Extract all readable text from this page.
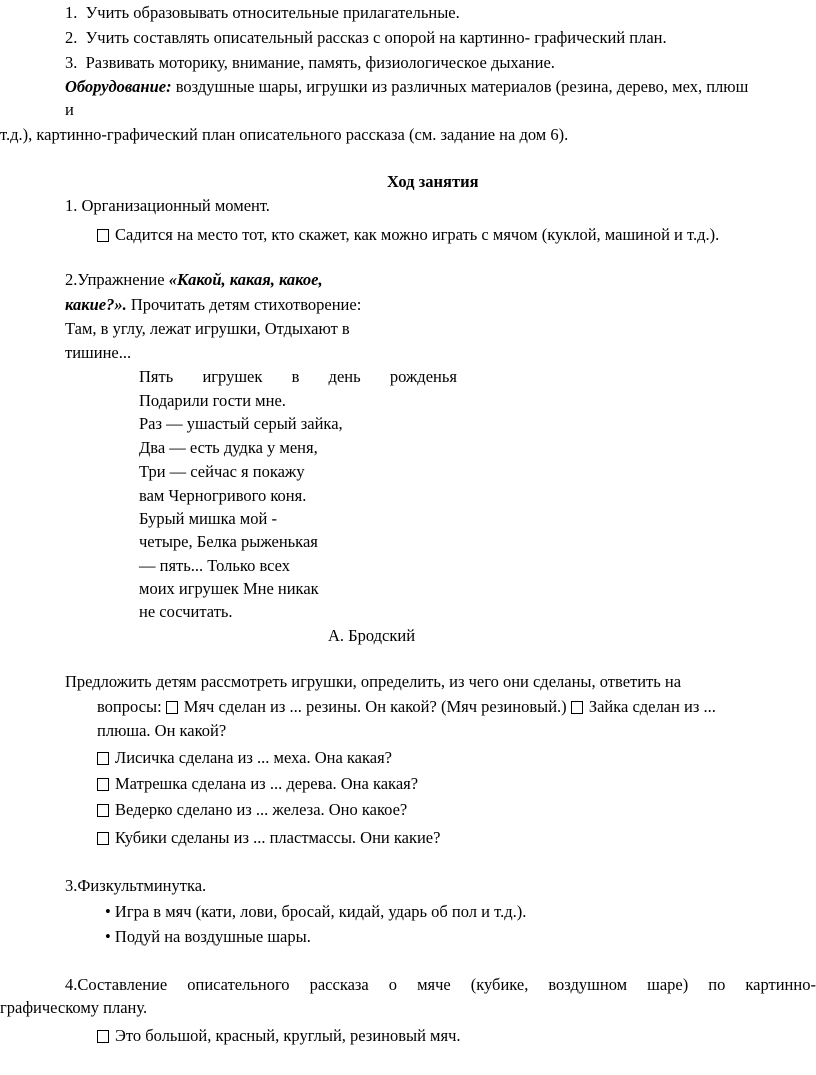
1. Учить образовывать относительные прилагательные.
2. Учить составлять описательный рассказ с опорой на картинно- графический план.
3. Развивать моторику, внимание, память, физиологическое дыхание.
Оборудование: воздушные шары, игрушки из различных материалов (резина, дерево, мех, плюш
и
т.д.), картинно-графический план описательного рассказа (см. задание на дом 6).
Ход занятия
1. Организационный момент.
Садится на место тот, кто скажет, как можно играть с мячом (куклой, машиной и т.д.).
2.Упражнение «Какой, какая, какое,
какие?». Прочитать детям стихотворение:
Там, в углу, лежат игрушки, Отдыхают в
тишине...
Пять игрушек в день рожденья
Подарили гости мне.
Раз — ушастый серый зайка,
Два — есть дудка у меня,
Три — сейчас я покажу
вам Черногривого коня.
Бурый мишка мой -
четыре, Белка рыженькая
— пять... Только всех
моих игрушек Мне никак
не сосчитать.
А. Бродский
Предложить детям рассмотреть игрушки, определить, из чего они сделаны, ответить на
вопросы: Мяч сделан из ... резины. Он какой? (Мяч резиновый.) Зайка сделан из ...
плюша. Он какой?
Лисичка сделана из ... меха. Она какая?
Матрешка сделана из ... дерева. Она какая?
Ведерко сделано из ... железа. Оно какое?
Кубики сделаны из ... пластмассы. Они какие?
3.Физкультминутка.
• Игра в мяч (кати, лови, бросай, кидай, ударь об пол и т.д.).
• Подуй на воздушные шары.
4.Составление описательного рассказа о мяче (кубике, воздушном шаре) по картинно-
графическому плану.
Это большой, красный, круглый, резиновый мяч.
